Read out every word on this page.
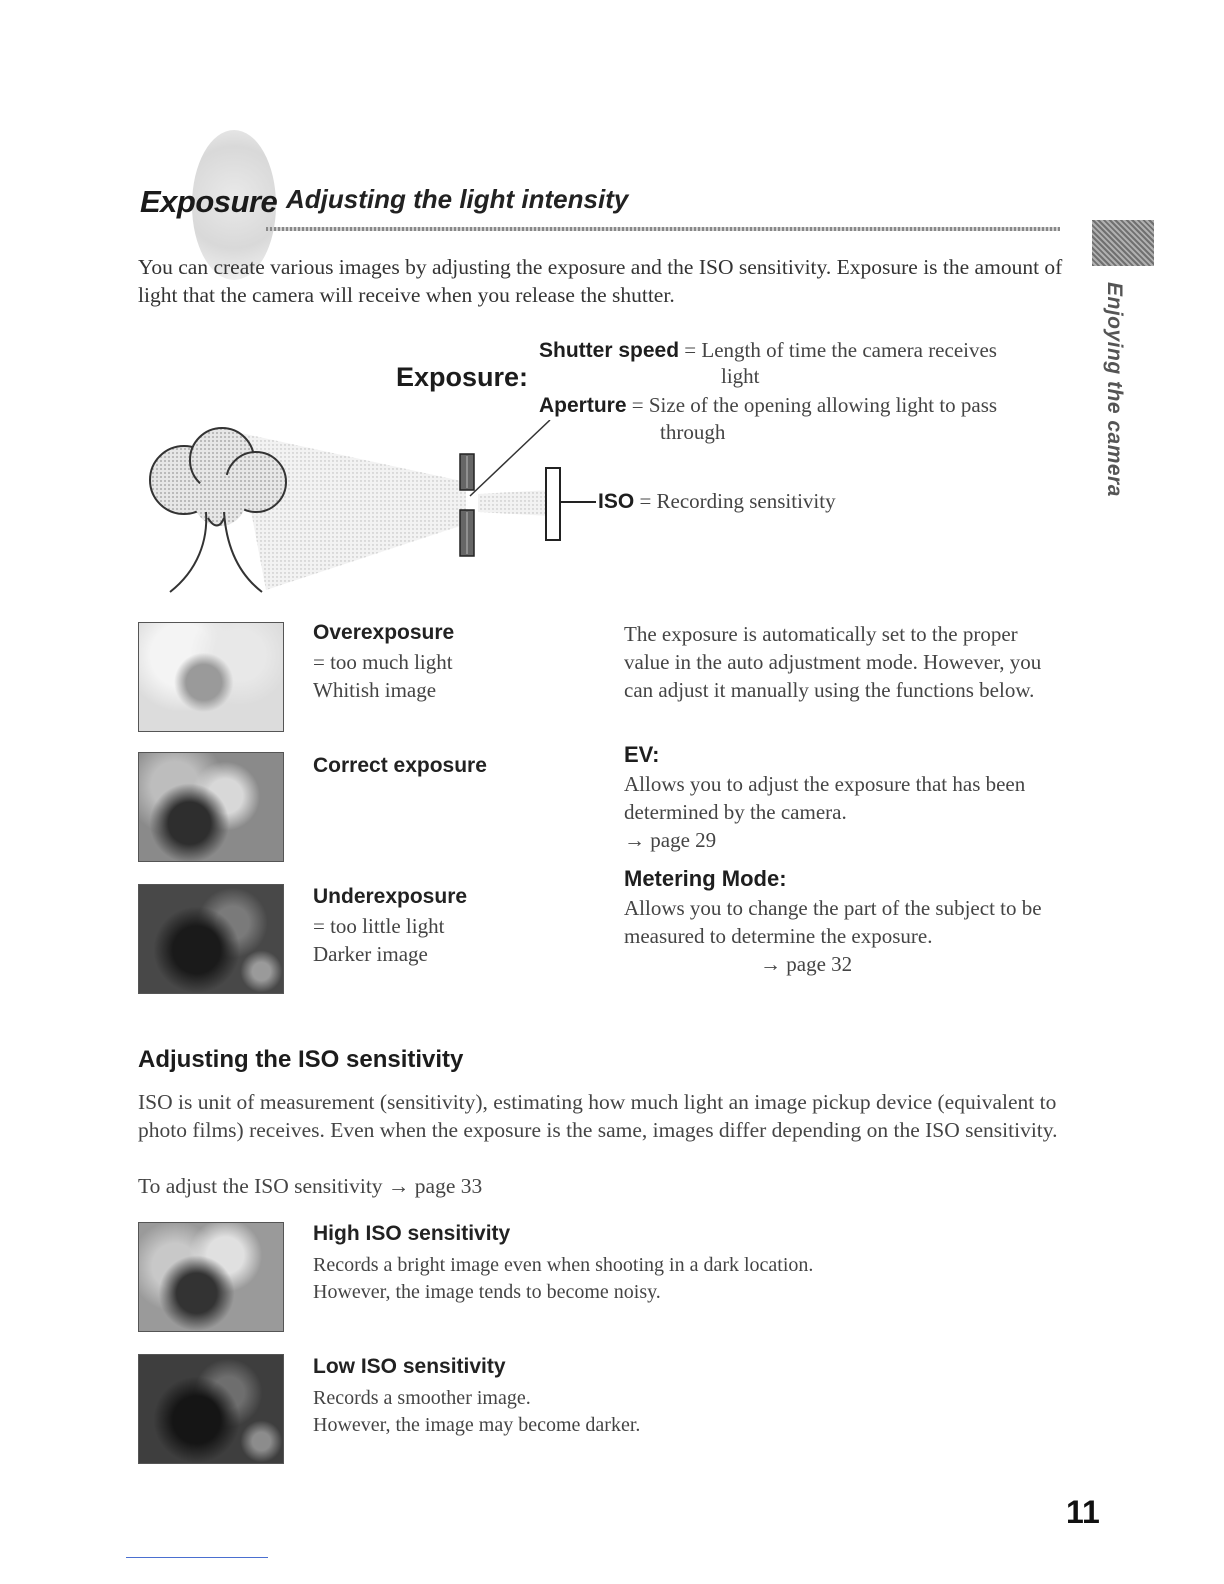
Exposure Adjusting the light intensity

You can create various images by adjusting the exposure and the ISO sensitivity. Exposure is the amount of light that the camera will receive when you release the shutter.	Enjoying the camera
Exposure:
Shutter speed = Length of time the camera receives
light
Aperture = Size of the opening allowing light to pass
through
ISO = Recording sensitivity
Overexposure
= too much light
Whitish image
Correct exposure
Underexposure
= too little light
Darker image

The exposure is automatically set to the proper value in the auto adjustment mode. However, you can adjust it manually using the functions below.

EV:

Allows you to adjust the exposure that has been determined by the camera.

→ page 29
Metering Mode:

Allows you to change the part of the subject to be measured to determine the exposure.

→ page 32
Adjusting the ISO sensitivity

ISO is unit of measurement (sensitivity), estimating how much light an image pickup device (equivalent to photo films) receives. Even when the exposure is the same, images differ depending on the ISO sensitivity.

To adjust the ISO sensitivity → page 33
High ISO sensitivity
Records a bright image even when shooting in a dark location.
However, the image tends to become noisy.
Low ISO sensitivity
Records a smoother image.
However, the image may become darker.
11
